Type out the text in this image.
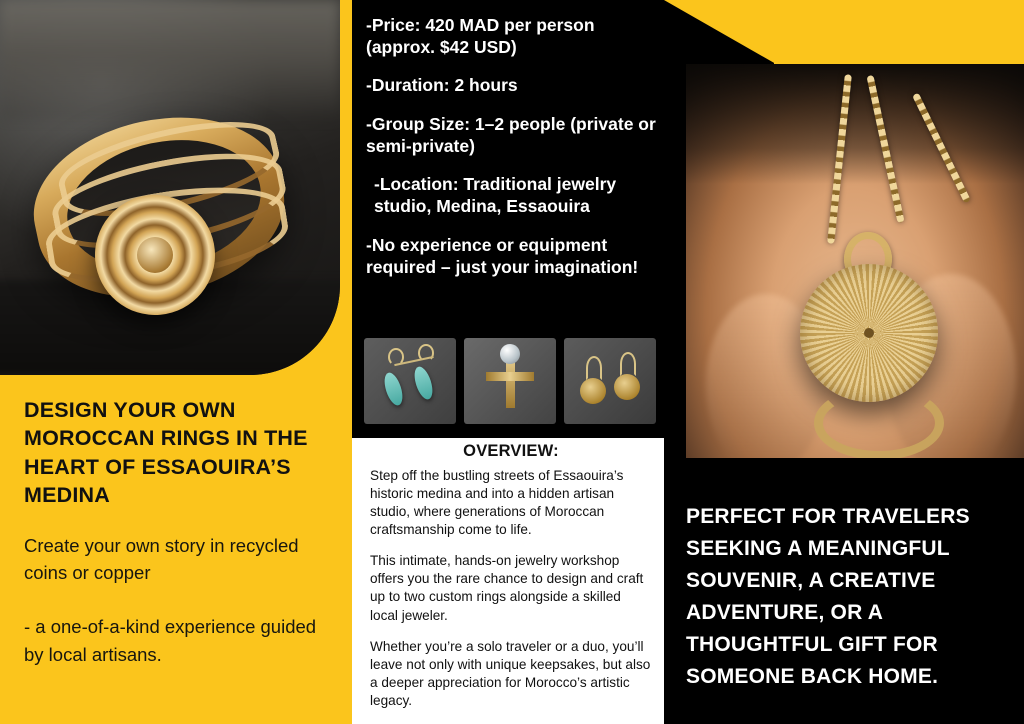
DESIGN YOUR OWN MOROCCAN RINGS IN THE HEART OF ESSAOUIRA’S MEDINA

Create your own story in recycled coins or copper

- a one-of-a-kind experience guided by local artisans.

-Price: 420 MAD per person (approx. $42 USD)

-Duration: 2 hours

-Group Size: 1–2 people (private or semi-private)

-Location: Traditional jewelry studio, Medina, Essaouira

-No experience or equipment required – just your imagination!

OVERVIEW:

Step off the bustling streets of Essaouira’s historic medina and into a hidden artisan studio, where generations of Moroccan craftsmanship come to life.

This intimate, hands-on jewelry workshop offers you the rare chance to design and craft up to two custom rings alongside a skilled local jeweler.

Whether you’re a solo traveler or a duo, you’ll leave not only with unique keepsakes, but also a deeper appreciation for Morocco’s artistic legacy.

PERFECT FOR TRAVELERS SEEKING A MEANINGFUL SOUVENIR, A CREATIVE ADVENTURE, OR A THOUGHTFUL GIFT FOR SOMEONE BACK HOME.
